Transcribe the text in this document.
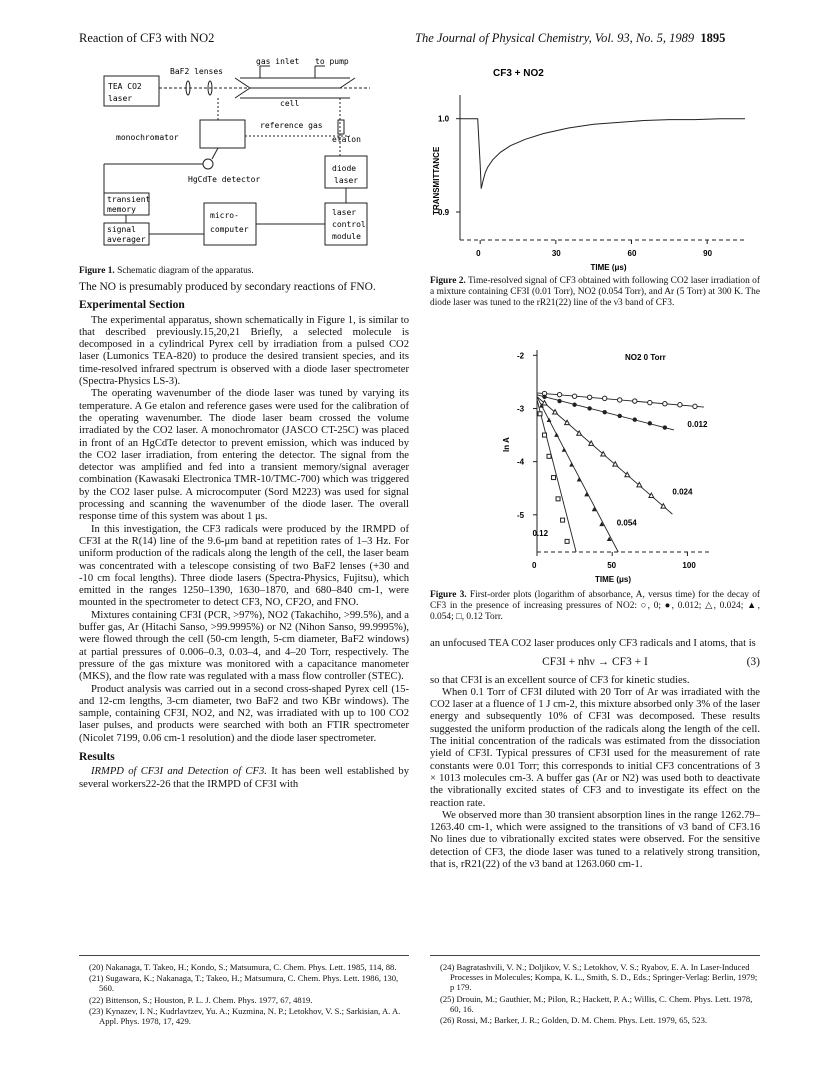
Reaction of CF3 with NO2	The Journal of Physical Chemistry, Vol. 93, No. 5, 1989 1895
gas inlet to pump
BaF2 lenses
TEA CO2
laser
cell
reference gas
etalon
monochromator
diode
laser
HgCdTe detector
transient
memory
signal
averager
micro-
computer
laser
control
module
Figure 1. Schematic diagram of the apparatus.

The NO is presumably produced by secondary reactions of FNO.

Experimental Section

The experimental apparatus, shown schematically in Figure 1, is similar to that described previously.15,20,21 Briefly, a selected molecule is decomposed in a cylindrical Pyrex cell by irradiation from a pulsed CO2 laser (Lumonics TEA-820) to produce the desired transient species, and its time-resolved infrared spectrum is observed with a diode laser spectrometer (Spectra-Physics LS-3).

The operating wavenumber of the diode laser was tuned by varying its temperature. A Ge etalon and reference gases were used for the calibration of the operating wavenumber. The diode laser beam crossed the volume irradiated by the CO2 laser. A monochromator (JASCO CT-25C) was placed in front of an HgCdTe detector to prevent emission, which was induced by the CO2 laser irradiation, from entering the detector. The signal from the detector was amplified and fed into a transient memory/signal averager combination (Kawasaki Electronica TMR-10/TMC-700) which was triggered by the CO2 laser pulse. A microcomputer (Sord M223) was used for signal processing and scanning the wavenumber of the diode laser. The overall response time of this system was about 1 μs.

In this investigation, the CF3 radicals were produced by the IRMPD of CF3I at the R(14) line of the 9.6-μm band at repetition rates of 1–3 Hz. For uniform production of the radicals along the length of the cell, the laser beam was concentrated with a telescope consisting of two BaF2 lenses (+30 and -10 cm focal lengths). Three diode lasers (Spectra-Physics, Fujitsu), which emitted in the ranges 1250–1390, 1630–1870, and 680–840 cm-1, were mounted in the spectrometer to detect CF3, NO, CF2O, and FNO.

Mixtures containing CF3I (PCR, >97%), NO2 (Takachiho, >99.5%), and a buffer gas, Ar (Hitachi Sanso, >99.9995%) or N2 (Nihon Sanso, 99.9995%), were flowed through the cell (50-cm length, 5-cm diameter, BaF2 windows) at partial pressures of 0.006–0.3, 0.03–4, and 4–20 Torr, respectively. The pressure of the gas mixture was monitored with a capacitance manometer (MKS), and the flow rate was regulated with a mass flow controller (STEC).

Product analysis was carried out in a second cross-shaped Pyrex cell (15- and 12-cm lengths, 3-cm diameter, two BaF2 and two KBr windows). The sample, containing CF3I, NO2, and N2, was irradiated with up to 100 CO2 laser pulses, and products were searched with both an FTIR spectrometer (Nicolet 7199, 0.06 cm-1 resolution) and the diode laser spectrometer.

Results

IRMPD of CF3I and Detection of CF3. It has been well established by several workers22-26 that the IRMPD of CF3I with

CF3 + NO2
TRANSMITTANCE
TIME (μs)
0	30	60	90
1.0
0.9
Figure 2. Time-resolved signal of CF3 obtained with following CO2 laser irradiation of a mixture containing CF3I (0.01 Torr), NO2 (0.054 Torr), and Ar (5 Torr) at 300 K. The diode laser was tuned to the rR21(22) line of the ν3 band of CF3.
ln A
TIME (μs)
0	50	100
-2
-3
-4
-5
NO2 0 Torr
0.012
0.024
0.054
0.12
Figure 3. First-order plots (logarithm of absorbance, A, versus time) for the decay of CF3 in the presence of increasing pressures of NO2: ○, 0; ●, 0.012; △, 0.024; ▲, 0.054; □, 0.12 Torr.

an unfocused TEA CO2 laser produces only CF3 radicals and I atoms, that is

CF3I + nhν → CF3 + I	(3)

so that CF3I is an excellent source of CF3 for kinetic studies.

When 0.1 Torr of CF3I diluted with 20 Torr of Ar was irradiated with the CO2 laser at a fluence of 1 J cm-2, this mixture absorbed only 3% of the laser energy and subsequently 10% of CF3I was decomposed. These results suggested the uniform production of the radicals along the length of the cell. The initial concentration of the radicals was estimated from the dissociation yield of CF3I. Typical pressures of CF3I used for the measurement of rate constants were 0.01 Torr; this corresponds to initial CF3 concentrations of 3 × 1013 molecules cm-3. A buffer gas (Ar or N2) was used both to deactivate the vibrationally excited states of CF3 and to investigate its effect on the reaction rate.

We observed more than 30 transient absorption lines in the range 1262.79–1263.40 cm-1, which were assigned to the transitions of ν3 band of CF3.16 No lines due to vibrationally excited states were observed. For the sensitive detection of CF3, the diode laser was tuned to a relatively strong transition, that is, rR21(22) of the ν3 band at 1263.060 cm-1.

(20) Nakanaga, T. Takeo, H.; Kondo, S.; Matsumura, C. Chem. Phys. Lett. 1985, 114, 88.

(21) Sugawara, K.; Nakanaga, T.; Takeo, H.; Matsumura, C. Chem. Phys. Lett. 1986, 130, 560.

(22) Bittenson, S.; Houston, P. L. J. Chem. Phys. 1977, 67, 4819.

(23) Kynazev, I. N.; Kudrlavtzev, Yu. A.; Kuzmina, N. P.; Letokhov, V. S.; Sarkisian, A. A. Appl. Phys. 1978, 17, 429.

(24) Bagratashvili, V. N.; Doljikov, V. S.; Letokhov, V. S.; Ryabov, E. A. In Laser-Induced Processes in Molecules; Kompa, K. L., Smith, S. D., Eds.; Springer-Verlag: Berlin, 1979; p 179.

(25) Drouin, M.; Gauthier, M.; Pilon, R.; Hackett, P. A.; Willis, C. Chem. Phys. Lett. 1978, 60, 16.

(26) Rossi, M.; Barker, J. R.; Golden, D. M. Chem. Phys. Lett. 1979, 65, 523.
